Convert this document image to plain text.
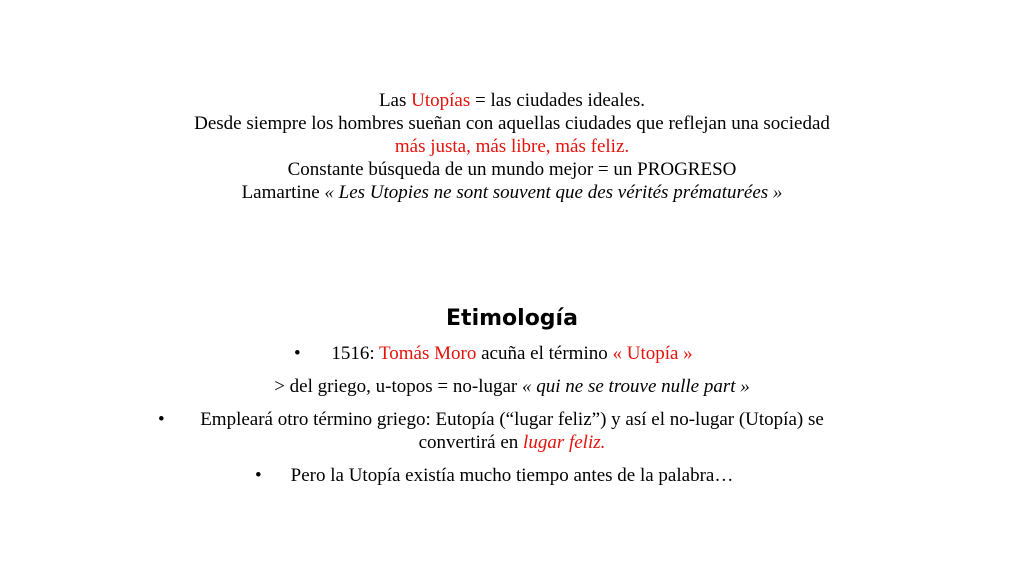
Las Utopías = las ciudades ideales.
Desde siempre los hombres sueñan con aquellas ciudades que reflejan una sociedad
más justa, más libre, más feliz.
Constante búsqueda de un mundo mejor = un PROGRESO
Lamartine « Les Utopies ne sont souvent que des vérités prématurées »
Etimología
• 1516: Tomás Moro acuña el término « Utopía »
> del griego, u-topos = no-lugar « qui ne se trouve nulle part »
•	Empleará otro término griego: Eutopía (“lugar feliz”) y así el no-lugar (Utopía) se
convertirá en lugar feliz.
• Pero la Utopía existía mucho tiempo antes de la palabra…
